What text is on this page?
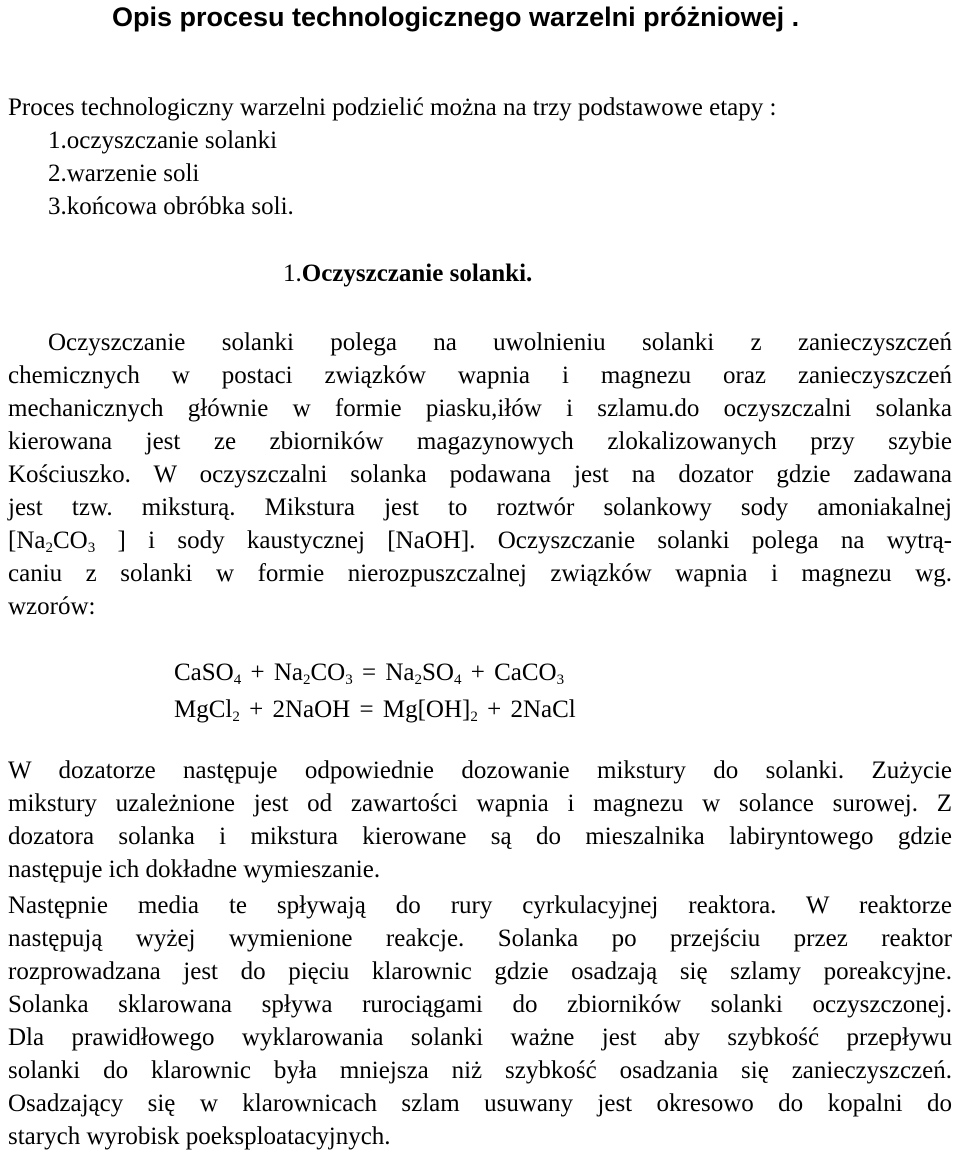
Opis procesu technologicznego warzelni próżniowej .
Proces technologiczny warzelni podzielić można na trzy podstawowe etapy :
1.oczyszczanie solanki
2.warzenie soli
3.końcowa obróbka soli.
1.Oczyszczanie solanki.
Oczyszczanie solanki polega na uwolnieniu solanki z zanieczyszczeń
chemicznych w postaci związków wapnia i magnezu oraz zanieczyszczeń
mechanicznych głównie w formie piasku,iłów i szlamu.do oczyszczalni solanka
kierowana jest ze zbiorników magazynowych zlokalizowanych przy szybie
Kościuszko. W oczyszczalni solanka podawana jest na dozator gdzie zadawana
jest tzw. miksturą. Mikstura jest to roztwór solankowy sody amoniakalnej
[$Na_2CO_3$ ] i sody kaustycznej [NaOH]. Oczyszczanie solanki polega na wytrą-
caniu z solanki w formie nierozpuszczalnej związków wapnia i magnezu wg.
wzorów:
CaSO$_4$ + $Na_2CO_3 = Na_2SO_4$ + CaCO$_3$
MgCl$_2$ + 2NaOH = $Mg[OH]_2$ + 2NaCl
W dozatorze następuje odpowiednie dozowanie mikstury do solanki. Zużycie
mikstury uzależnione jest od zawartości wapnia i magnezu w solance surowej. Z
dozatora solanka i mikstura kierowane są do mieszalnika labiryntowego gdzie
następuje ich dokładne wymieszanie.
Następnie media te spływają do rury cyrkulacyjnej reaktora. W reaktorze
następują wyżej wymienione reakcje. Solanka po przejściu przez reaktor
rozprowadzana jest do pięciu klarownic gdzie osadzają się szlamy poreakcyjne.
Solanka sklarowana spływa rurociągami do zbiorników solanki oczyszczonej.
Dla prawidłowego wyklarowania solanki ważne jest aby szybkość przepływu
solanki do klarownic była mniejsza niż szybkość osadzania się zanieczyszczeń.
Osadzający się w klarownicach szlam usuwany jest okresowo do kopalni do
starych wyrobisk poeksploatacyjnych.
